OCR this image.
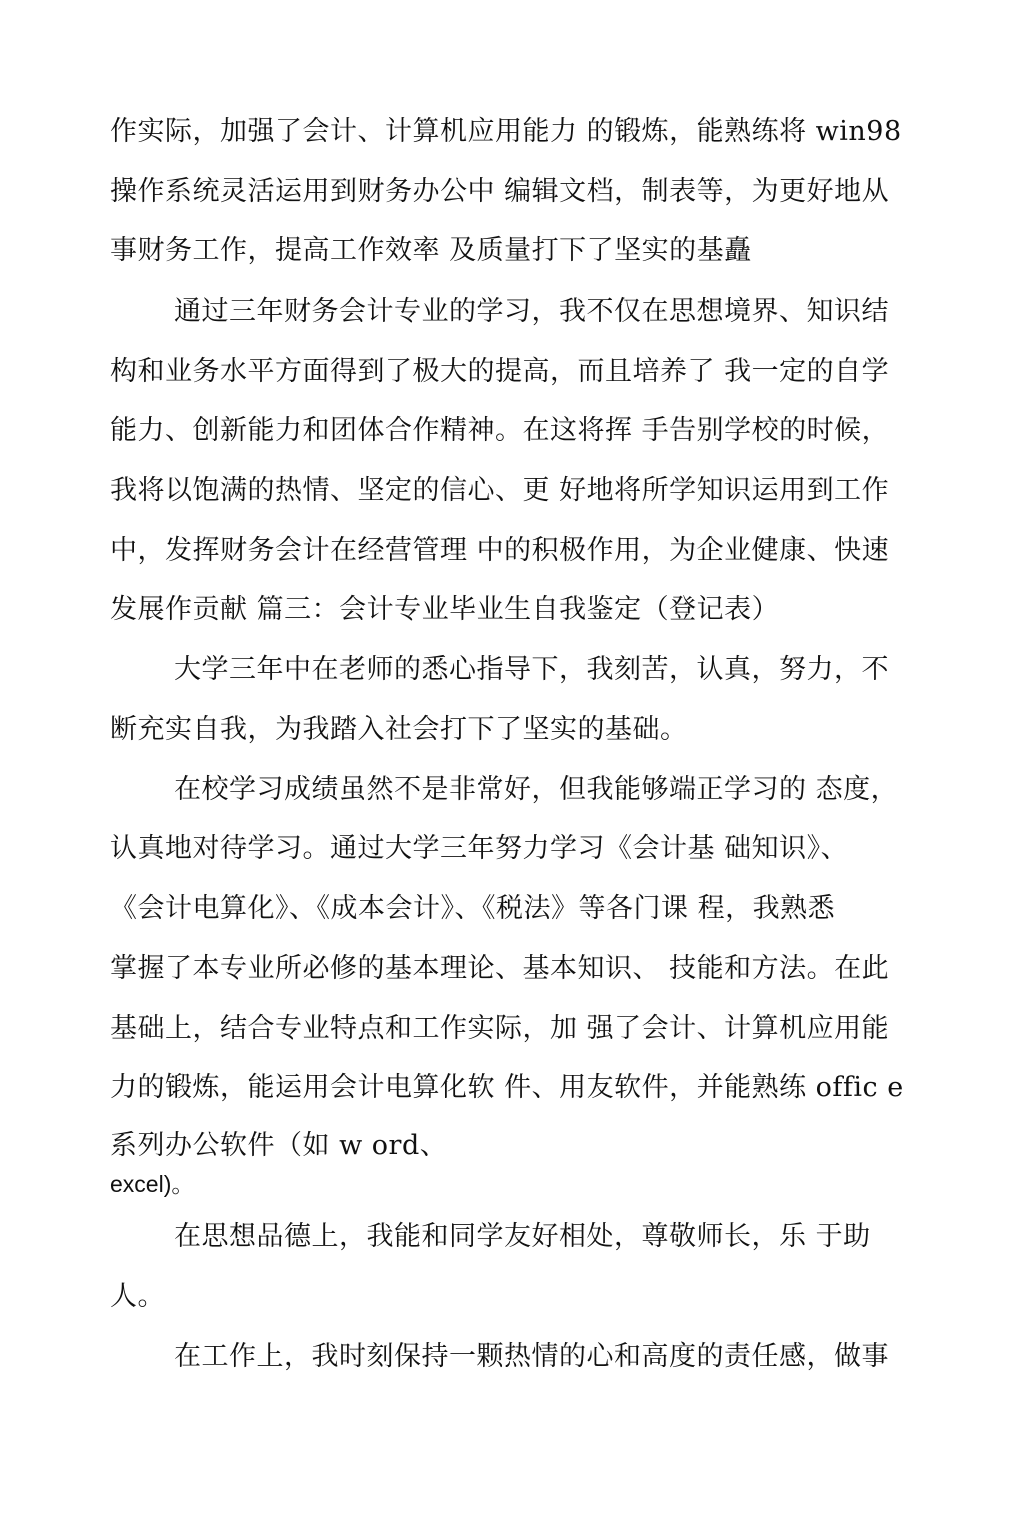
作实际，加强了会计、计算机应用能力 的锻炼，能熟练将 win98
操作系统灵活运用到财务办公中 编辑文档，制表等，为更好地从
事财务工作，提高工作效率 及质量打下了坚实的基矗
通过三年财务会计专业的学习，我不仅在思想境界、知识结
构和业务水平方面得到了极大的提高，而且培养了 我一定的自学
能力、创新能力和团体合作精神。在这将挥 手告别学校的时候，
我将以饱满的热情、坚定的信心、更 好地将所学知识运用到工作
中，发挥财务会计在经营管理 中的积极作用，为企业健康、快速
发展作贡献 篇三：会计专业毕业生自我鉴定（登记表）
大学三年中在老师的悉心指导下，我刻苦，认真，努力，不
断充实自我，为我踏入社会打下了坚实的基础。
在校学习成绩虽然不是非常好，但我能够端正学习的 态度，
认真地对待学习。通过大学三年努力学习《会计基 础知识》、
《会计电算化》、《成本会计》、《税法》等各门课 程，我熟悉
掌握了本专业所必修的基本理论、基本知识、 技能和方法。在此
基础上，结合专业特点和工作实际，加 强了会计、计算机应用能
力的锻炼，能运用会计电算化软 件、用友软件，并能熟练 offic e
系列办公软件（如 w ord、
excel)。
在思想品德上，我能和同学友好相处，尊敬师长，乐 于助
人。
在工作上，我时刻保持一颗热情的心和高度的责任感，做事
